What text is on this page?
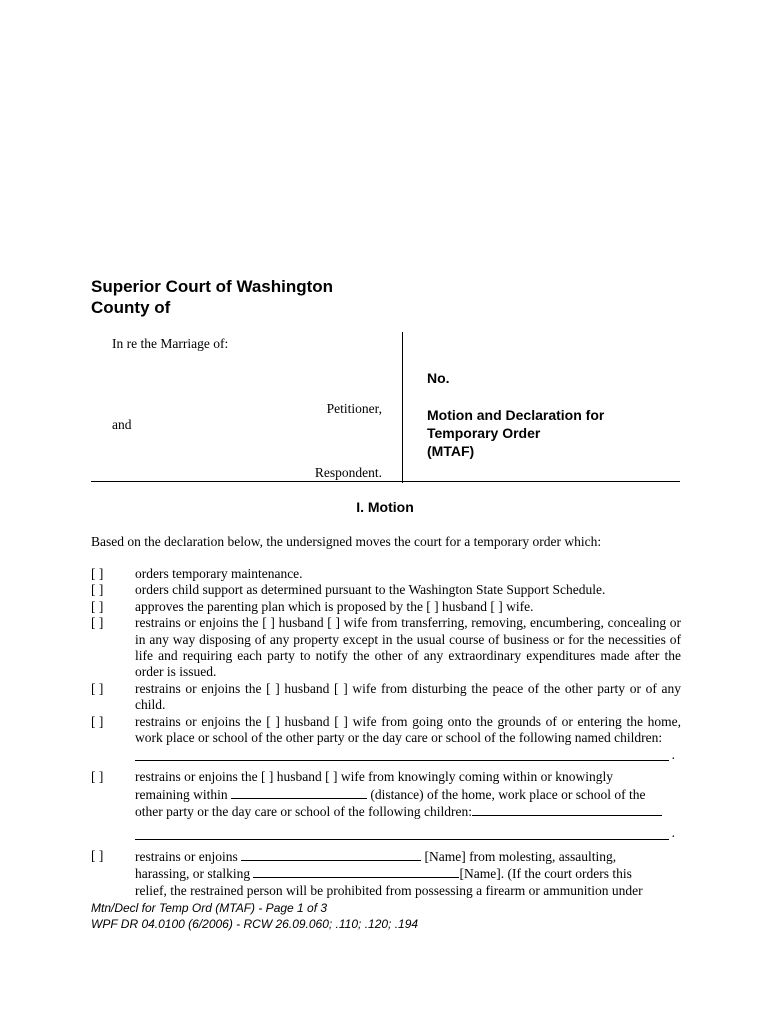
Superior Court of Washington
County of
In re the Marriage of:
Petitioner,
and
Respondent.
No.
Motion and Declaration for
Temporary Order
(MTAF)
I. Motion
Based on the declaration below, the undersigned moves the court for a temporary order which:
[ ]	orders temporary maintenance.
[ ]	orders child support as determined pursuant to the Washington State Support Schedule.
[ ]	approves the parenting plan which is proposed by the [ ] husband [ ] wife.
[ ]	restrains or enjoins the [ ] husband [ ] wife from transferring, removing, encumbering, concealing or in any way disposing of any property except in the usual course of business or for the necessities of life and requiring each party to notify the other of any extraordinary expenditures made after the order is issued.
[ ]	restrains or enjoins the [ ] husband [ ] wife from disturbing the peace of the other party or of any child.
[ ]	restrains or enjoins the [ ] husband [ ] wife from going onto the grounds of or entering the home, work place or school of the other party or the day care or school of the following named children:
.
[ ]	restrains or enjoins the [ ] husband [ ] wife from knowingly coming within or knowingly
remaining within	(distance) of the home, work place or school of the
other party or the day care or school of the following children:
.
[ ]	restrains or enjoins	[Name] from molesting, assaulting,
harassing, or stalking	[Name]. (If the court orders this
relief, the restrained person will be prohibited from possessing a firearm or ammunition under
Mtn/Decl for Temp Ord (MTAF) - Page 1 of 3
WPF DR 04.0100 (6/2006) - RCW 26.09.060; .110; .120; .194
